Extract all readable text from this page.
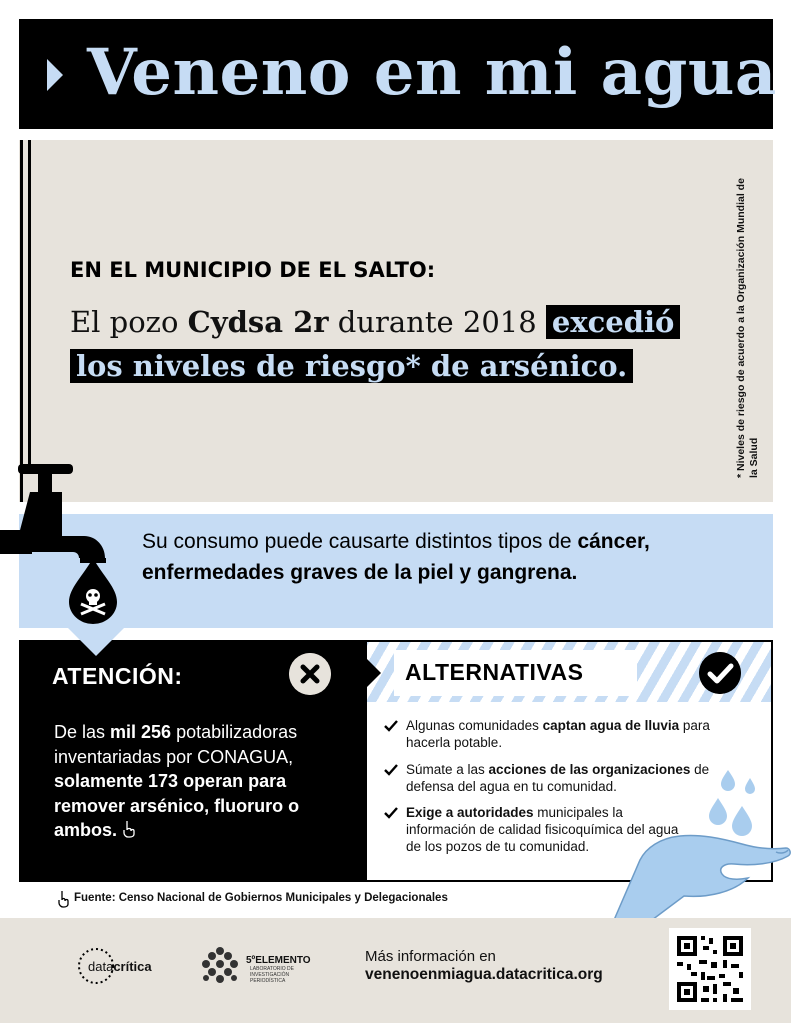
Veneno en mi agua
EN EL MUNICIPIO DE EL SALTO:
El pozo Cydsa 2r durante 2018 excedió
los niveles de riesgo* de arsénico.	* Niveles de riesgo de acuerdo a la Organización Mundial de la Salud
Su consumo puede causarte distintos tipos de cáncer, enfermedades graves de la piel y gangrena.
ATENCIÓN:
De las mil 256 potabilizadoras inventariadas por CONAGUA, solamente 173 operan para remover arsénico, fluoruro o ambos.
ALTERNATIVAS
Algunas comunidades captan agua de lluvia para hacerla potable.
Súmate a las acciones de las organizaciones de defensa del agua en tu comunidad.
Exige a autoridades municipales la información de calidad fisicoquímica del agua de los pozos de tu comunidad.
Fuente: Censo Nacional de Gobiernos Municipales y Delegacionales
datacrítica	5ºELEMENTO
LABORATORIO DE INVESTIGACIÓN PERIODÍSTICA
Más información en
venenoenmiagua.datacritica.org
